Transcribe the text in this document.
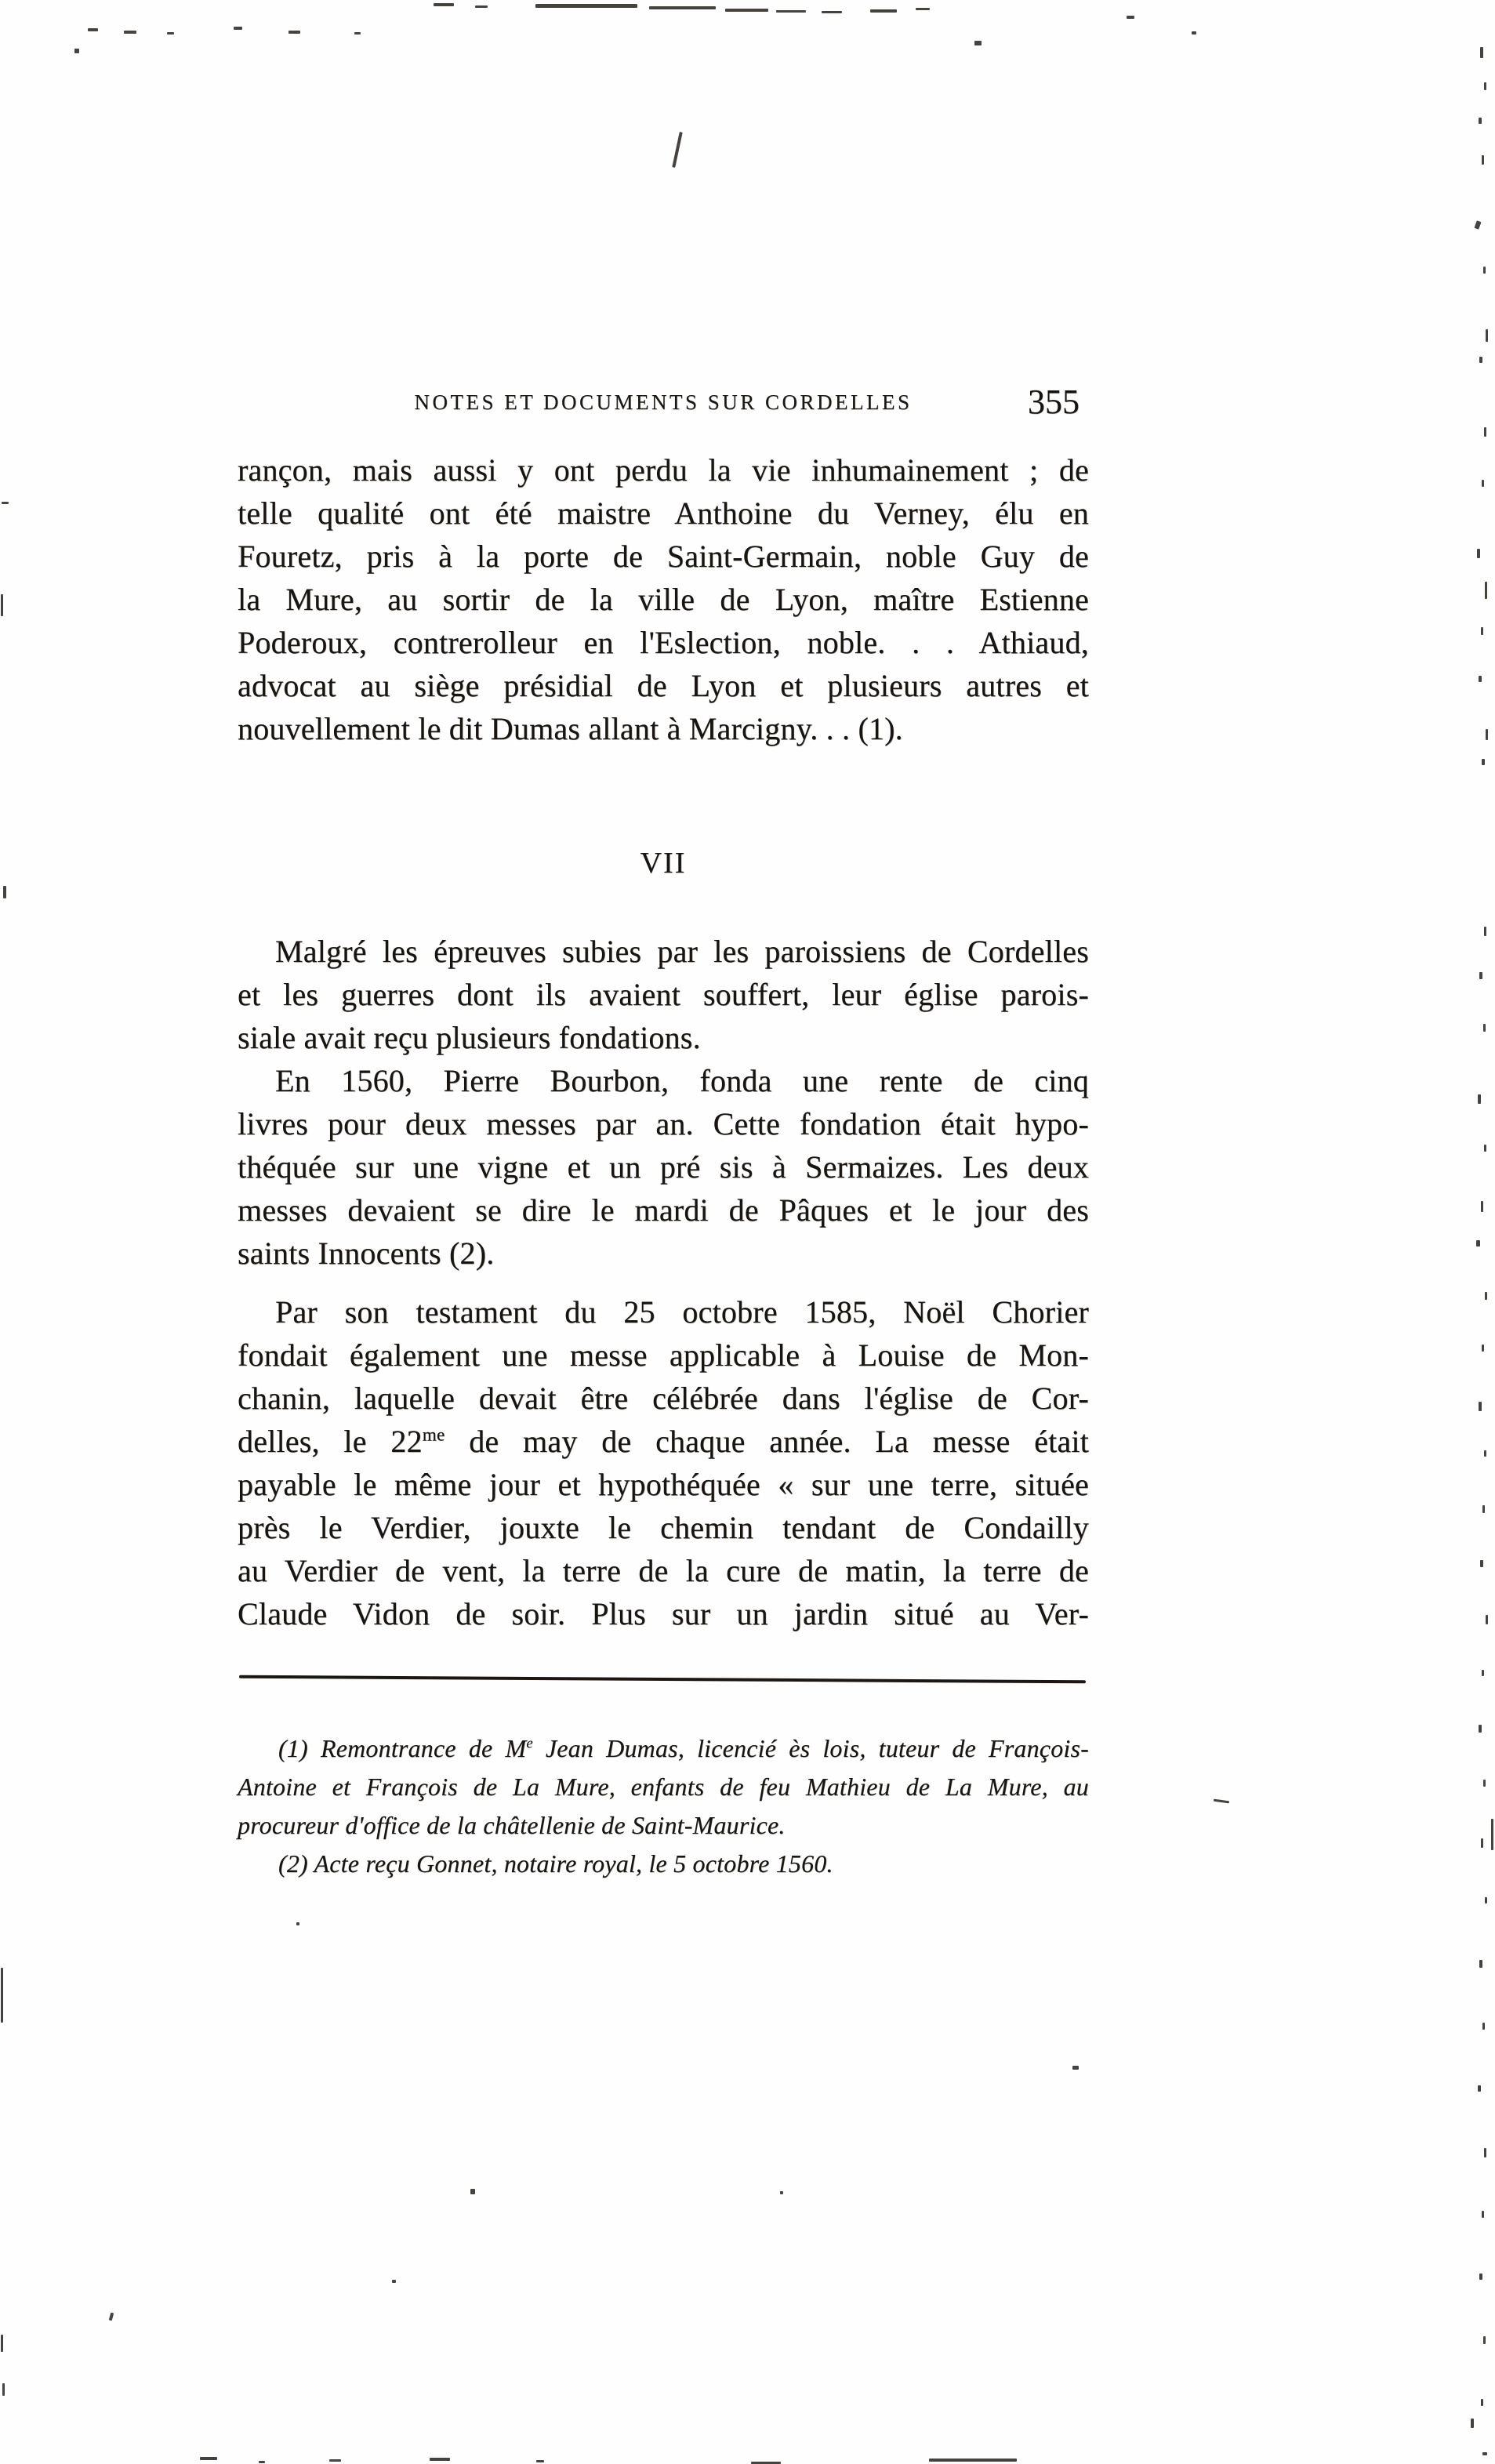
NOTES ET DOCUMENTS SUR CORDELLES	355
rançon, mais aussi y ont perdu la vie inhumainement ; de
telle qualité ont été maistre Anthoine du Verney, élu en
Fouretz, pris à la porte de Saint-Germain, noble Guy de
la Mure, au sortir de la ville de Lyon, maître Estienne
Poderoux, contrerolleur en l'Eslection, noble. . . Athiaud,
advocat au siège présidial de Lyon et plusieurs autres et
nouvellement le dit Dumas allant à Marcigny. . . (1).
VII
Malgré les épreuves subies par les paroissiens de Cordelles
et les guerres dont ils avaient souffert, leur église parois-
siale avait reçu plusieurs fondations.
En 1560, Pierre Bourbon, fonda une rente de cinq
livres pour deux messes par an. Cette fondation était hypo-
théquée sur une vigne et un pré sis à Sermaizes. Les deux
messes devaient se dire le mardi de Pâques et le jour des
saints Innocents (2).
Par son testament du 25 octobre 1585, Noël Chorier
fondait également une messe applicable à Louise de Mon-
chanin, laquelle devait être célébrée dans l'église de Cor-
delles, le $22^{me}$ de may de chaque année. La messe était
payable le même jour et hypothéquée « sur une terre, située
près le Verdier, jouxte le chemin tendant de Condailly
au Verdier de vent, la terre de la cure de matin, la terre de
Claude Vidon de soir. Plus sur un jardin situé au Ver-
(1) Remontrance de Me Jean Dumas, licencié ès lois, tuteur de François-
Antoine et François de La Mure, enfants de feu Mathieu de La Mure, au
procureur d'office de la châtellenie de Saint-Maurice.
(2) Acte reçu Gonnet, notaire royal, le 5 octobre 1560.
